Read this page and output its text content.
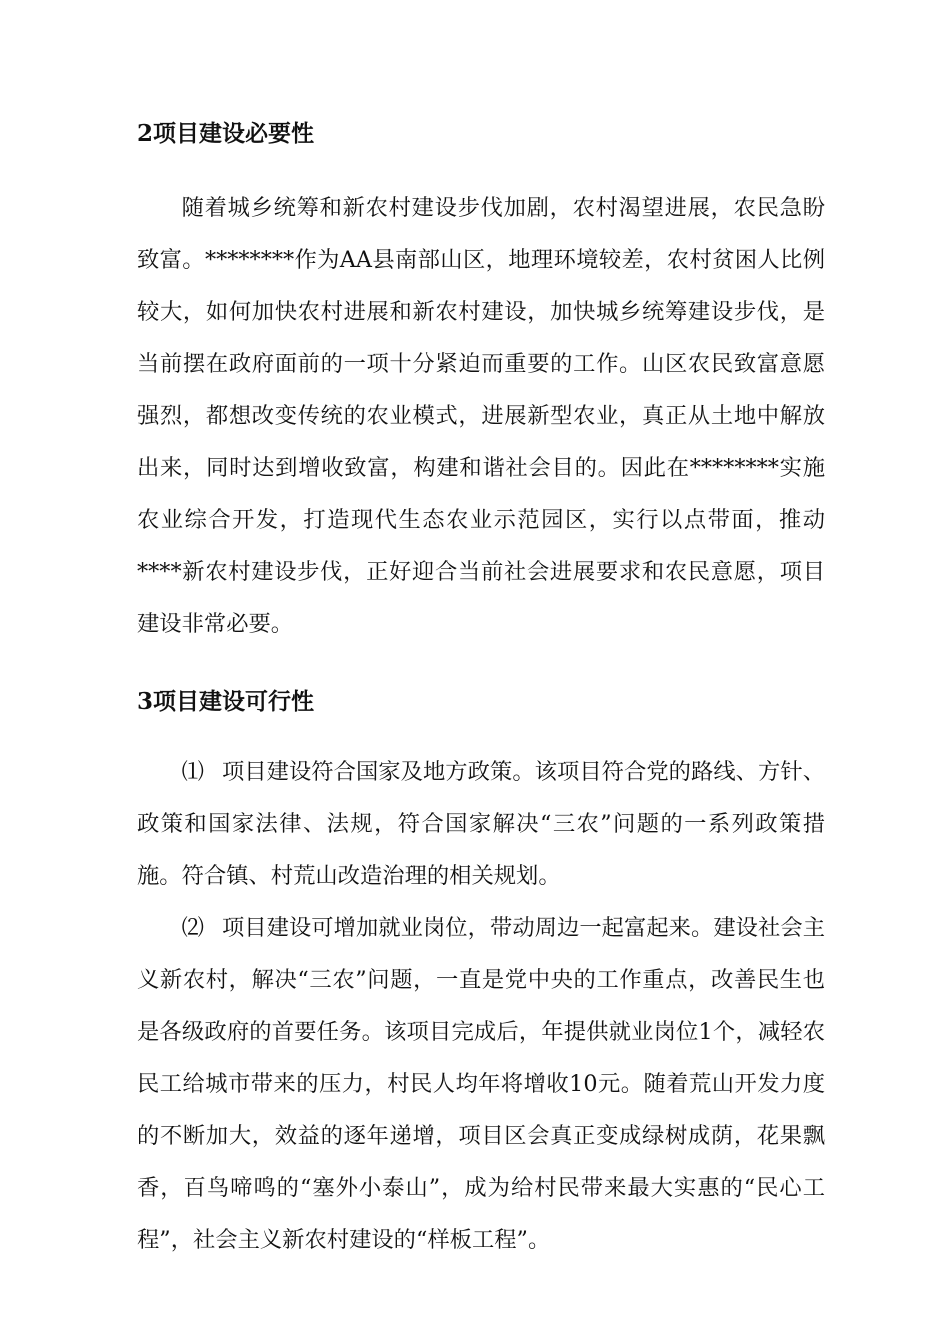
2项目建设必要性

随着城乡统筹和新农村建设步伐加剧，农村渴望进展，农民急盼致富。********作为AA县南部山区，地理环境较差，农村贫困人比例较大，如何加快农村进展和新农村建设，加快城乡统筹建设步伐，是当前摆在政府面前的一项十分紧迫而重要的工作。山区农民致富意愿强烈，都想改变传统的农业模式，进展新型农业，真正从土地中解放出来，同时达到增收致富，构建和谐社会目的。因此在********实施农业综合开发，打造现代生态农业示范园区，实行以点带面，推动****新农村建设步伐，正好迎合当前社会进展要求和农民意愿，项目建设非常必要。

3项目建设可行性

⑴ 项目建设符合国家及地方政策。该项目符合党的路线、方针、政策和国家法律、法规，符合国家解决“三农”问题的一系列政策措施。符合镇、村荒山改造治理的相关规划。

⑵ 项目建设可增加就业岗位，带动周边一起富起来。建设社会主义新农村，解决“三农”问题，一直是党中央的工作重点，改善民生也是各级政府的首要任务。该项目完成后，年提供就业岗位1个，减轻农民工给城市带来的压力，村民人均年将增收10元。随着荒山开发力度的不断加大，效益的逐年递增，项目区会真正变成绿树成荫，花果飘香，百鸟啼鸣的“塞外小泰山”，成为给村民带来最大实惠的“民心工程”，社会主义新农村建设的“样板工程”。
